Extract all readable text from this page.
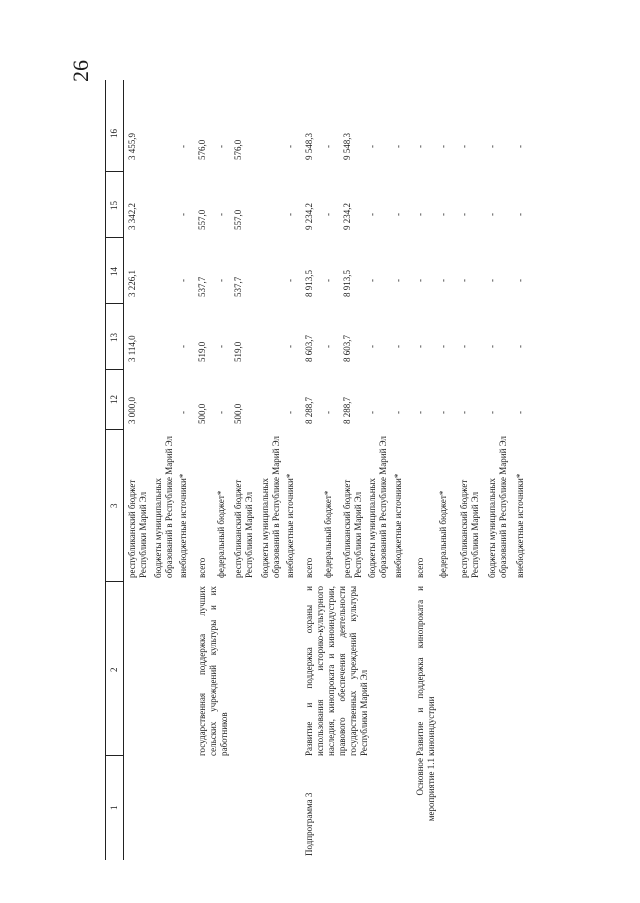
26
1
2
3
12
13
14
15
16
республиканский бюджет Республики Марий Эл
3 000,0
3 114,0
3 226,1
3 342,2
3 455,9
бюджеты муниципальных образований в Республике Марий Эл внебюджетные источники*
-
-
-
-
-
государственная поддержка лучших сельских учреждений культуры и их работников
всего
500,0
519,0
537,7
557,0
576,0
федеральный бюджет*
-
-
-
-
-
республиканский бюджет Республики Марий Эл
500,0
519,0
537,7
557,0
576,0
бюджеты муниципальных образований в Республике Марий Эл внебюджетные источники*
-
-
-
-
-
Подпрограмма 3
Развитие и поддержка охраны и использования историко-культурного наследия, кинопроката и киноиндустрии, правового обеспечения деятельности государственных учреждений культуры Республики Марий Эл
всего
8 288,7
8 603,7
8 913,5
9 234,2
9 548,3
федеральный бюджет*
-
-
-
-
-
республиканский бюджет Республики Марий Эл
8 288,7
8 603,7
8 913,5
9 234,2
9 548,3
бюджеты муниципальных образований в Республике Марий Эл
-
-
-
-
-
внебюджетные источники*
-
-
-
-
-
Основное мероприятие 1.1
Развитие и поддержка кинопроката и киноиндустрии
всего
-
-
-
-
-
федеральный бюджет*
-
-
-
-
-
республиканский бюджет Республики Марий Эл
-
-
-
-
-
бюджеты муниципальных образований в Республике Марий Эл
-
-
-
-
-
внебюджетные источники*
-
-
-
-
-
